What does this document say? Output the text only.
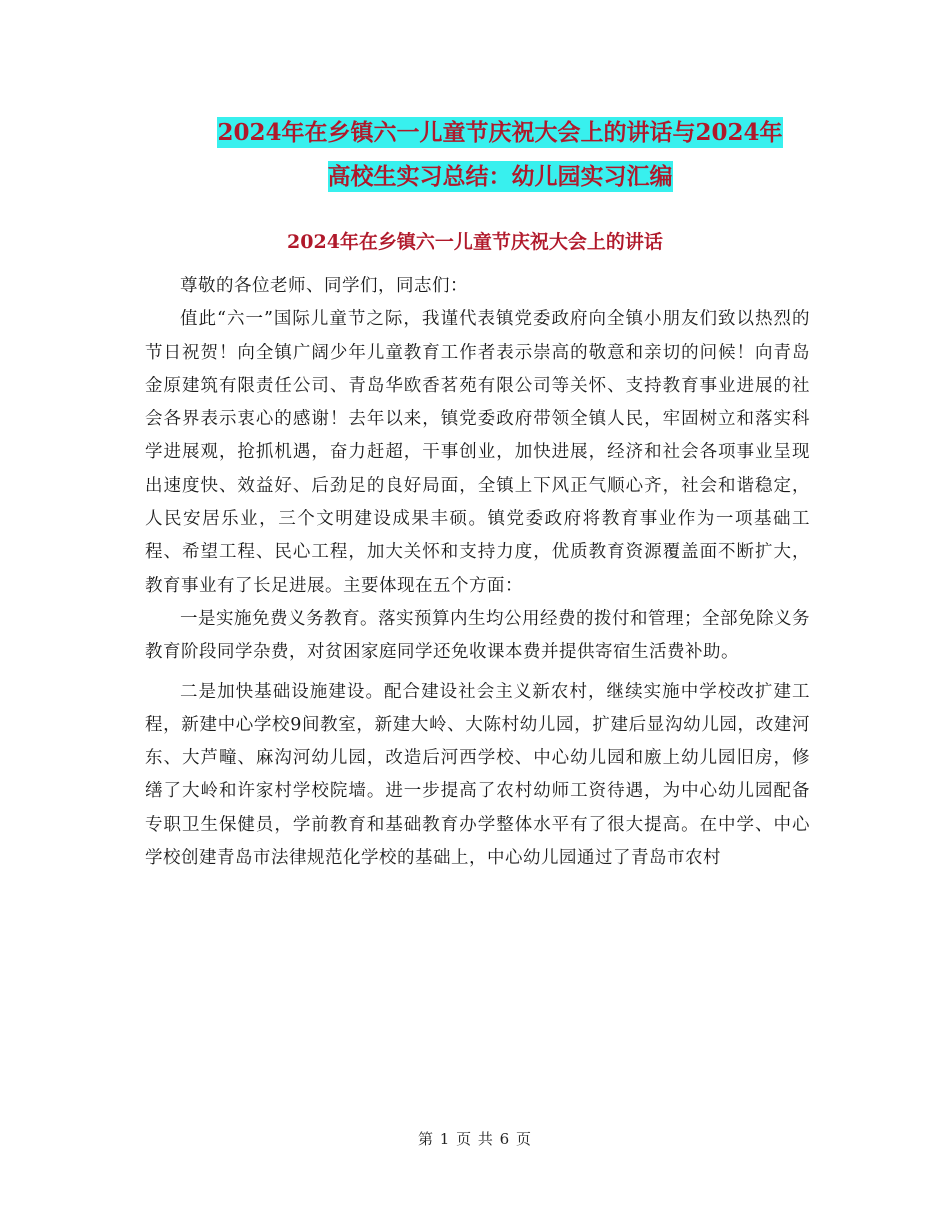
2024年在乡镇六一儿童节庆祝大会上的讲话与2024年
高校生实习总结：幼儿园实习汇编
2024年在乡镇六一儿童节庆祝大会上的讲话

尊敬的各位老师、同学们，同志们：

值此“六一”国际儿童节之际，我谨代表镇党委政府向全镇小朋友们致以热烈的节日祝贺！向全镇广阔少年儿童教育工作者表示崇高的敬意和亲切的问候！向青岛金原建筑有限责任公司、青岛华欧香茗苑有限公司等关怀、支持教育事业进展的社会各界表示衷心的感谢！去年以来，镇党委政府带领全镇人民，牢固树立和落实科学进展观，抢抓机遇，奋力赶超，干事创业，加快进展，经济和社会各项事业呈现出速度快、效益好、后劲足的良好局面，全镇上下风正气顺心齐，社会和谐稳定，人民安居乐业，三个文明建设成果丰硕。镇党委政府将教育事业作为一项基础工程、希望工程、民心工程，加大关怀和支持力度，优质教育资源覆盖面不断扩大，教育事业有了长足进展。主要体现在五个方面：

一是实施免费义务教育。落实预算内生均公用经费的拨付和管理；全部免除义务教育阶段同学杂费，对贫困家庭同学还免收课本费并提供寄宿生活费补助。

二是加快基础设施建设。配合建设社会主义新农村，继续实施中学校改扩建工程，新建中心学校9间教室，新建大岭、大陈村幼儿园，扩建后显沟幼儿园，改建河东、大芦疃、麻沟河幼儿园，改造后河西学校、中心幼儿园和廒上幼儿园旧房，修缮了大岭和许家村学校院墙。进一步提高了农村幼师工资待遇，为中心幼儿园配备专职卫生保健员，学前教育和基础教育办学整体水平有了很大提高。在中学、中心学校创建青岛市法律规范化学校的基础上，中心幼儿园通过了青岛市农村

第 1 页 共 6 页
